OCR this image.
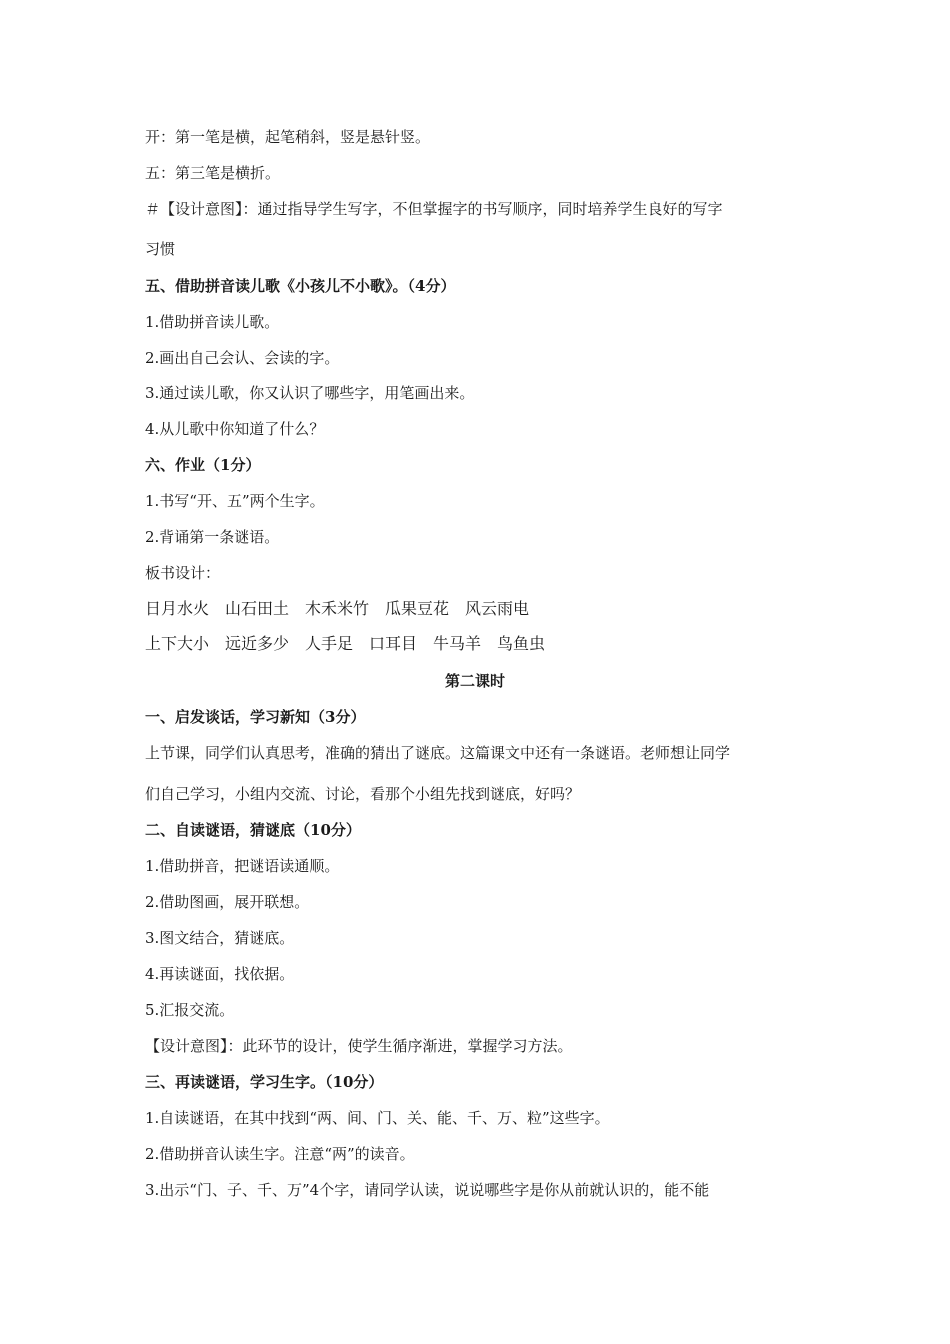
开：第一笔是横，起笔稍斜，竖是悬针竖。
五：第三笔是横折。
＃【设计意图】：通过指导学生写字，不但掌握字的书写顺序，同时培养学生良好的写字
习惯
五、借助拼音读儿歌《小孩儿不小歌》。（4分）
1.借助拼音读儿歌。
2.画出自己会认、会读的字。
3.通过读儿歌，你又认识了哪些字，用笔画出来。
4.从儿歌中你知道了什么？
六、作业（1分）
1.书写“开、五”两个生字。
2.背诵第一条谜语。
板书设计：
日月水火　山石田土　木禾米竹　瓜果豆花　风云雨电
上下大小　远近多少　人手足　口耳目　牛马羊　鸟鱼虫
第二课时
一、启发谈话，学习新知（3分）
上节课，同学们认真思考，准确的猜出了谜底。这篇课文中还有一条谜语。老师想让同学
们自己学习，小组内交流、讨论，看那个小组先找到谜底，好吗？
二、自读谜语，猜谜底（10分）
1.借助拼音，把谜语读通顺。
2.借助图画，展开联想。
3.图文结合，猜谜底。
4.再读谜面，找依据。
5.汇报交流。
【设计意图】：此环节的设计，使学生循序渐进，掌握学习方法。
三、再读谜语，学习生字。（10分）
1.自读谜语，在其中找到“两、间、门、关、能、千、万、粒”这些字。
2.借助拼音认读生字。注意“两”的读音。
3.出示“门、子、千、万”4个字，请同学认读，说说哪些字是你从前就认识的，能不能
